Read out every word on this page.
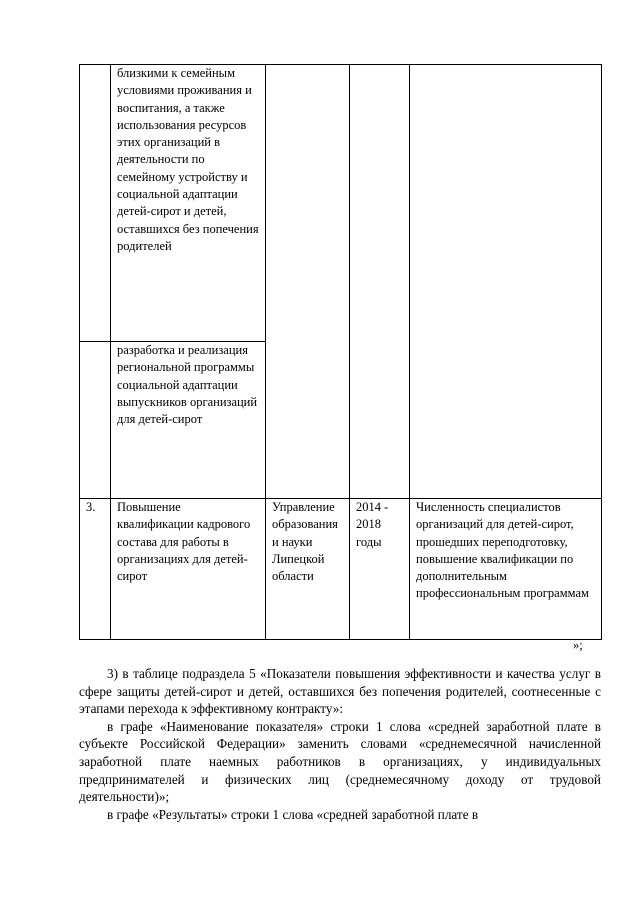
	близкими к семейным условиями проживания и воспитания, а также использования ресурсов этих организаций в деятельности по семейному устройству и социальной адаптации детей-сирот и детей, оставшихся без попечения родителей			

	разработка и реализация региональной программы социальной адаптации выпускников организаций для детей-сирот			

3.	Повышение квалификации кадрового состава для работы в организациях для детей-сирот	Управление образования и науки Липецкой области	2014 - 2018 годы	Численность специалистов организаций для детей-сирот, прошедших переподготовку, повышение квалификации по дополнительным профессиональным программам
»;

3) в таблице подраздела 5 «Показатели повышения эффективности и качества услуг в сфере защиты детей-сирот и детей, оставшихся без попечения родителей, соотнесенные с этапами перехода к эффективному контракту»:

в графе «Наименование показателя» строки 1 слова «средней заработной плате в субъекте Российской Федерации» заменить словами «среднемесячной начисленной заработной плате наемных работников в организациях, у индивидуальных предпринимателей и физических лиц (среднемесячному доходу от трудовой деятельности)»;

в графе «Результаты» строки 1 слова «средней заработной плате в
